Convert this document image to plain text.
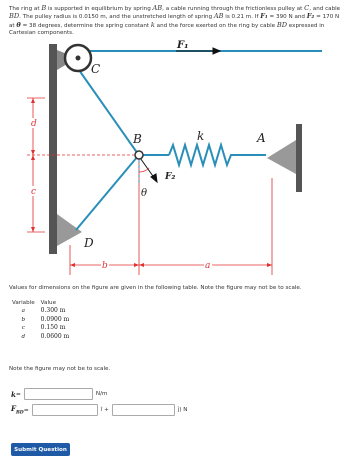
The ring at B is supported in equilibrium by spring AB, a cable running through the frictionless pulley at C, and cable BD. The pulley radius is 0.0150 m, and the unstretched length of spring AB is 0.21 m. If F₁ = 390 N and F₂ = 170 N at θ = 38 degrees, determine the spring constant k and the force exerted on the ring by cable BD expressed in Cartesian components.
d
c
b	a
C
B	A
D
k
F₁
F₂
θ
Values for dimensions on the figure are given in the following table. Note the figure may not be to scale.
Variable	Value
a	0.300 m
b	0.0900 m
c	0.150 m
d	0.0600 m
Note the figure may not be to scale.
k =	N/m
$F_{BD}$ =	î +	ĵ) N
Submit Question
